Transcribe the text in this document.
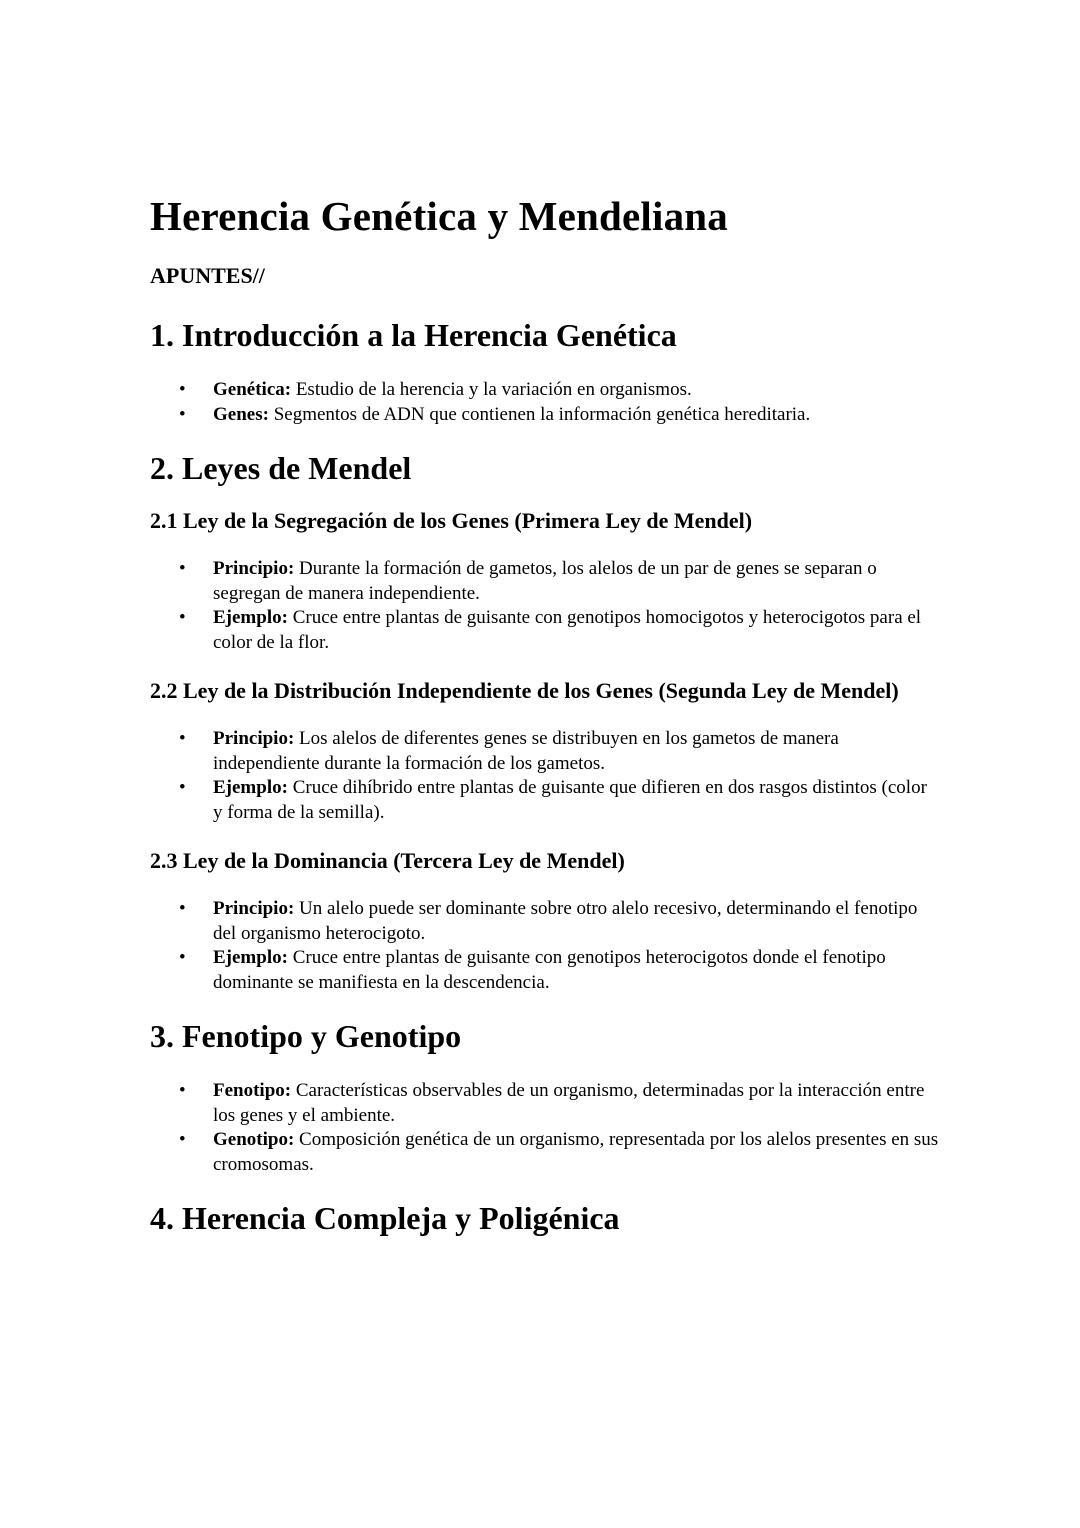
Herencia Genética y Mendeliana
APUNTES//
1. Introducción a la Herencia Genética
• Genética: Estudio de la herencia y la variación en organismos.
• Genes: Segmentos de ADN que contienen la información genética hereditaria.
2. Leyes de Mendel
2.1 Ley de la Segregación de los Genes (Primera Ley de Mendel)
• Principio: Durante la formación de gametos, los alelos de un par de genes se separan o segregan de manera independiente.
• Ejemplo: Cruce entre plantas de guisante con genotipos homocigotos y heterocigotos para el color de la flor.
2.2 Ley de la Distribución Independiente de los Genes (Segunda Ley de Mendel)
• Principio: Los alelos de diferentes genes se distribuyen en los gametos de manera independiente durante la formación de los gametos.
• Ejemplo: Cruce dihíbrido entre plantas de guisante que difieren en dos rasgos distintos (color y forma de la semilla).
2.3 Ley de la Dominancia (Tercera Ley de Mendel)
• Principio: Un alelo puede ser dominante sobre otro alelo recesivo, determinando el fenotipo del organismo heterocigoto.
• Ejemplo: Cruce entre plantas de guisante con genotipos heterocigotos donde el fenotipo dominante se manifiesta en la descendencia.
3. Fenotipo y Genotipo
• Fenotipo: Características observables de un organismo, determinadas por la interacción entre los genes y el ambiente.
• Genotipo: Composición genética de un organismo, representada por los alelos presentes en sus cromosomas.
4. Herencia Compleja y Poligénica
